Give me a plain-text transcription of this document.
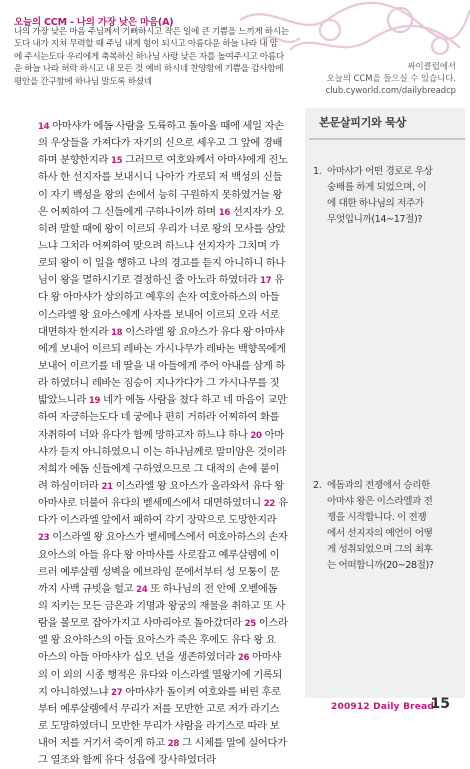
오늘의 CCM - 나의 가장 낮은 마음(A)
나의 가장 낮은 마음 주님께서 기뻐하시고 작은 일에 큰 기쁨을 느끼게 하시는
도다 내가 지쳐 무력할 때 주님 내게 힘이 되시고 아름다운 하늘 나라 내 맘
에 주시는도다 우리에게 축복하신 하나님 사랑 낮은 자를 높여주시고 아름다
운 하늘 나라 허락 하시고 내 모든 것 예비 하시네 찬양함에 기쁨을 감사함에
평안을 간구함에 하나님 말도록 하셨네
싸이클럽에서
오늘의 CCM을 들으실 수 있습니다.
club.cyworld.com/dailybreadcp
14 아마샤가 에돔 사람을 도륙하고 돌아올 때에 세일 자손
의 우상들을 가져다가 자기의 신으로 세우고 그 앞에 경배
하며 분향한지라 15 그러므로 여호와께서 아마샤에게 진노
하사 한 선지자를 보내시니 나아가 가로되 저 백성의 신들
이 자기 백성을 왕의 손에서 능히 구원하지 못하였거늘 왕
은 어찌하여 그 신들에게 구하나이까 하며 16 선지자가 오
히려 말할 때에 왕이 이르되 우리가 너로 왕의 모사를 삼았
느냐 그치라 어찌하여 맞으려 하느냐 선지자가 그치며 가
로되 왕이 이 일을 행하고 나의 경고를 듣지 아니하니 하나
님이 왕을 멸하시기로 결정하신 줄 아노라 하였더라 17 유
다 왕 아마샤가 상의하고 예후의 손자 여호아하스의 아들
이스라엘 왕 요아스에게 사자를 보내어 이르되 오라 서로
대면하자 한지라 18 이스라엘 왕 요아스가 유다 왕 아마샤
에게 보내어 이르되 레바논 가시나무가 레바논 백향목에게
보내어 이르기를 네 딸을 내 아들에게 주어 아내를 삼게 하
라 하였더니 레바논 짐승이 지나가다가 그 가시나무를 짓
밟았느니라 19 네가 에돔 사람을 쳤다 하고 네 마음이 교만
하여 자긍하는도다 네 궁에나 편히 거하라 어찌하여 화를
자취하여 너와 유다가 함께 망하고자 하느냐 하나 20 아마
샤가 듣지 아니하였으니 이는 하나님께로 말미암은 것이라
저희가 에돔 신들에게 구하였으므로 그 대적의 손에 붙이
려 하심이더라 21 이스라엘 왕 요아스가 올라와서 유다 왕
아마샤로 더불어 유다의 벧세메스에서 대면하였더니 22 유
다가 이스라엘 앞에서 패하여 각기 장막으로 도망한지라
23 이스라엘 왕 요아스가 벧세메스에서 여호아하스의 손자
요아스의 아들 유다 왕 아마샤를 사로잡고 예루살렘에 이
르러 예루살렘 성벽을 에브라임 문에서부터 성 모퉁이 문
까지 사백 규빗을 헐고 24 또 하나님의 전 안에 오벧에돔
의 지키는 모든 금은과 기명과 왕궁의 재물을 취하고 또 사
람을 볼모로 잡아가지고 사마리아로 돌아갔더라 25 이스라
엘 왕 요아하스의 아들 요아스가 죽은 후에도 유다 왕 요
아스의 아들 아마샤가 십오 년을 생존하였더라 26 아마샤
의 이 외의 시종 행적은 유다와 이스라엘 열왕기에 기록되
지 아니하였느냐 27 아마샤가 돌이켜 여호와를 버린 후로
부터 예루살렘에서 무리가 저를 모반한 고로 저가 라기스
로 도망하였더니 모반한 무리가 사람을 라기스로 따라 보
내어 저를 거기서 죽이게 하고 28 그 시체를 말에 실어다가
그 열조와 함께 유다 성읍에 장사하였더라
본문살피기와 묵상
1. 아마샤가 어떤 경로로 우상
숭배를 하게 되었으며, 이
에 대한 하나님의 저주가
무엇입니까(14~17절)?
2. 에돔과의 전쟁에서 승리한
아마샤 왕은 이스라엘과 전
쟁을 시작합니다. 이 전쟁
에서 선지자의 예언이 어떻
게 성취되었으며 그의 최후
는 어떠합니까(20~28절)?
200912 Daily Bread
15
